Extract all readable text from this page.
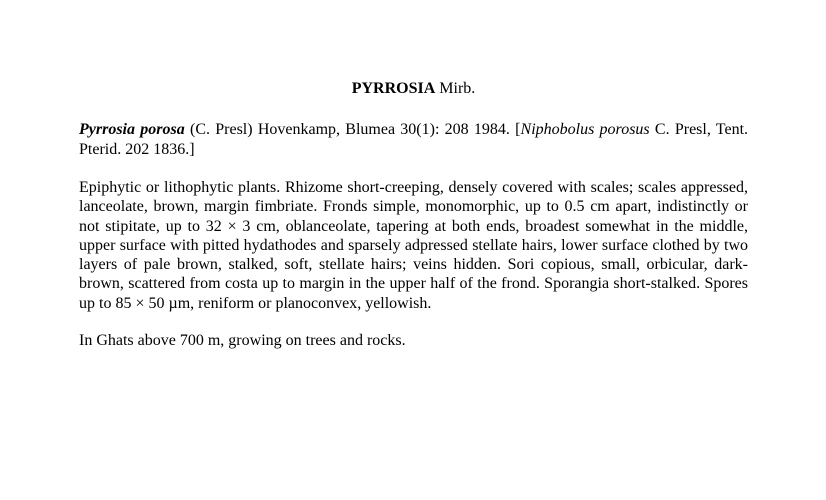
PYRROSIA Mirb.

Pyrrosia porosa (C. Presl) Hovenkamp, Blumea 30(1): 208 1984. [Niphobolus porosus C. Presl, Tent. Pterid. 202 1836.]

Epiphytic or lithophytic plants. Rhizome short-creeping, densely covered with scales; scales appressed, lanceolate, brown, margin fimbriate. Fronds simple, monomorphic, up to 0.5 cm apart, indistinctly or not stipitate, up to 32 × 3 cm, oblanceolate, tapering at both ends, broadest somewhat in the middle, upper surface with pitted hydathodes and sparsely adpressed stellate hairs, lower surface clothed by two layers of pale brown, stalked, soft, stellate hairs; veins hidden. Sori copious, small, orbicular, dark-brown, scattered from costa up to margin in the upper half of the frond. Sporangia short-stalked. Spores up to 85 × 50 µm, reniform or planoconvex, yellowish.

In Ghats above 700 m, growing on trees and rocks.
